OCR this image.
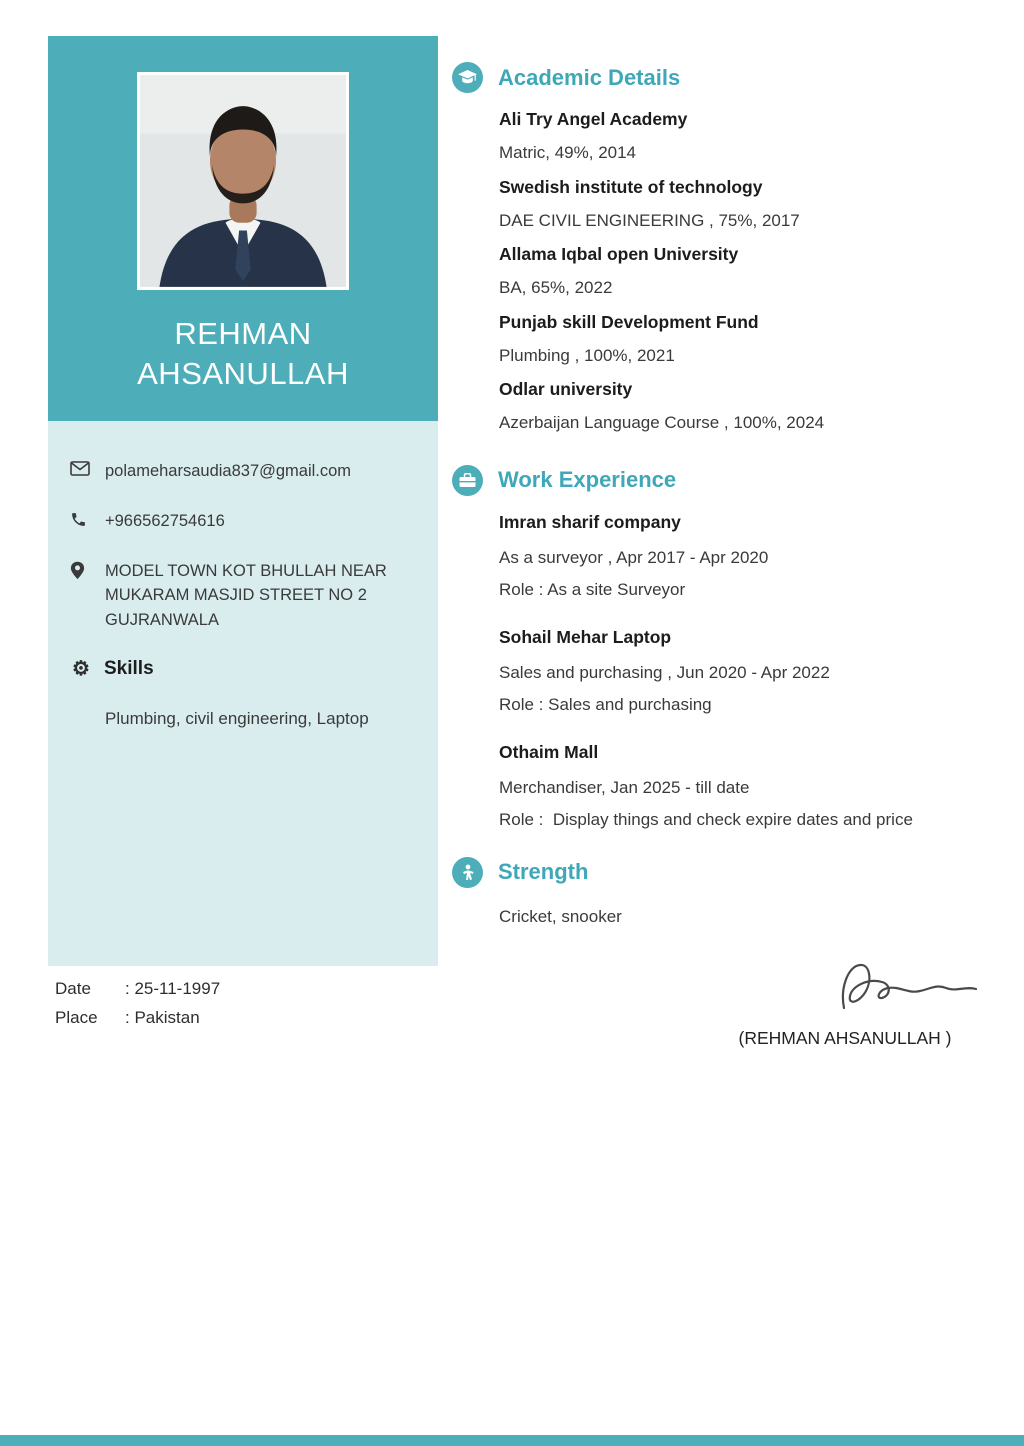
REHMAN
AHSANULLAH
polameharsaudia837@gmail.com
+966562754616
MODEL TOWN KOT BHULLAH NEAR MUKARAM MASJID STREET NO 2 GUJRANWALA
⚙ Skills
Plumbing, civil engineering, Laptop
Date	: 25-11-1997
Place	: Pakistan
Academic Details
Ali Try Angel Academy
Matric, 49%, 2014
Swedish institute of technology
DAE CIVIL ENGINEERING , 75%, 2017
Allama Iqbal open University
BA, 65%, 2022
Punjab skill Development Fund
Plumbing , 100%, 2021
Odlar university
Azerbaijan Language Course , 100%, 2024
Work Experience
Imran sharif company
As a surveyor , Apr 2017 - Apr 2020
Role : As a site Surveyor
Sohail Mehar Laptop
Sales and purchasing , Jun 2020 - Apr 2022
Role : Sales and purchasing
Othaim Mall
Merchandiser, Jan 2025 - till date
Role :  Display things and check expire dates and price
Strength
Cricket, snooker
(REHMAN AHSANULLAH )
